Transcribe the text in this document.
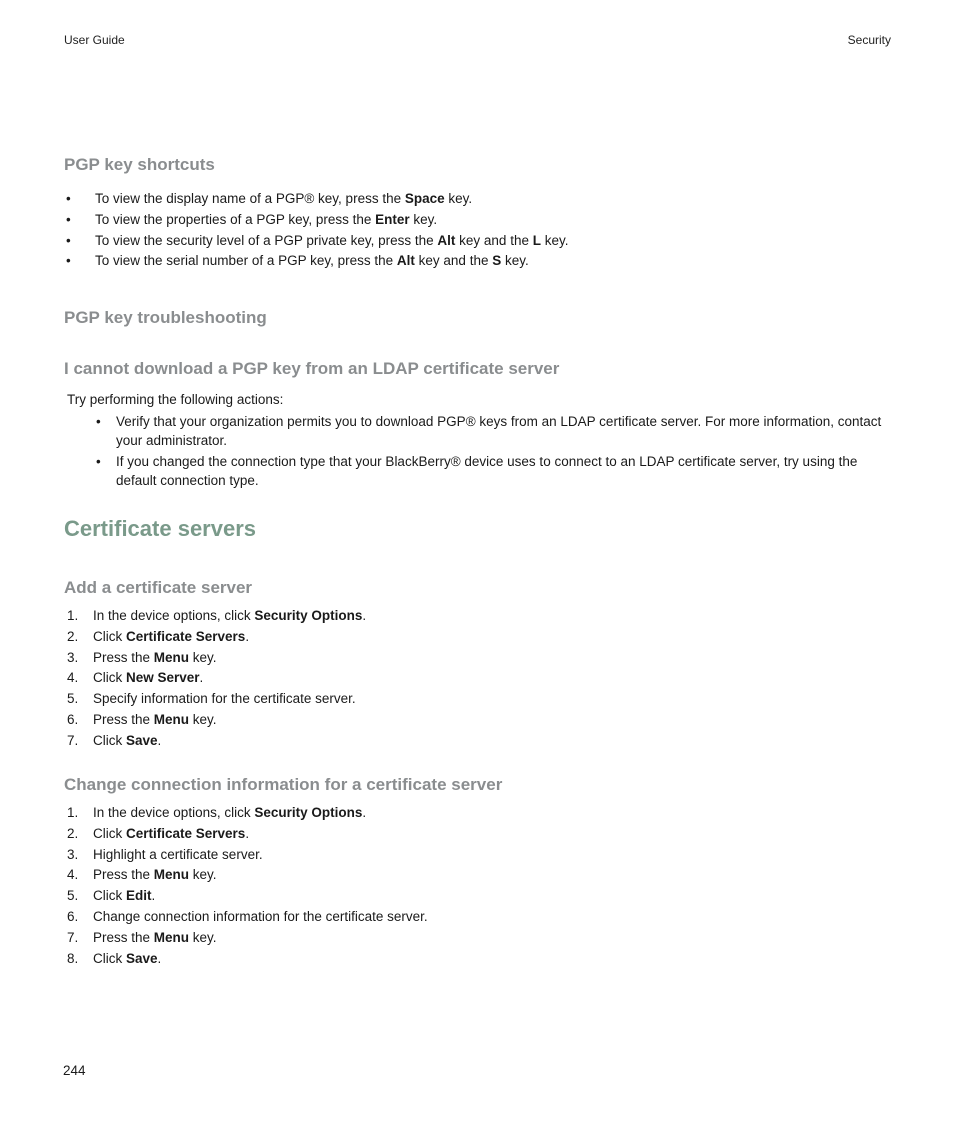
User Guide	Security
PGP key shortcuts
• To view the display name of a PGP® key, press the Space key.
• To view the properties of a PGP key, press the Enter key.
• To view the security level of a PGP private key, press the Alt key and the L key.
• To view the serial number of a PGP key, press the Alt key and the S key.
PGP key troubleshooting
I cannot download a PGP key from an LDAP certificate server
Try performing the following actions:
• Verify that your organization permits you to download PGP® keys from an LDAP certificate server. For more information, contact your administrator.
• If you changed the connection type that your BlackBerry® device uses to connect to an LDAP certificate server, try using the default connection type.
Certificate servers
Add a certificate server
1. In the device options, click Security Options.
2. Click Certificate Servers.
3. Press the Menu key.
4. Click New Server.
5. Specify information for the certificate server.
6. Press the Menu key.
7. Click Save.
Change connection information for a certificate server
1. In the device options, click Security Options.
2. Click Certificate Servers.
3. Highlight a certificate server.
4. Press the Menu key.
5. Click Edit.
6. Change connection information for the certificate server.
7. Press the Menu key.
8. Click Save.
244
